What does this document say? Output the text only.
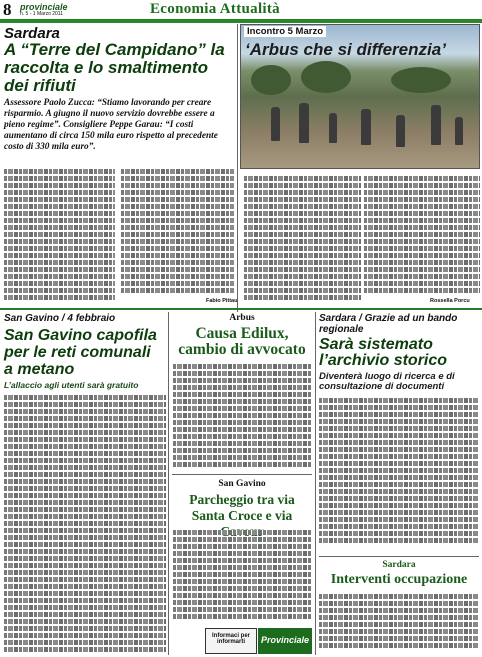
8 provinciale
n. 5 - 1 Marzo 2011	Economia Attualità
Sardara
A “Terre del Campidano” la raccolta e lo smaltimento dei rifiuti
Assessore Paolo Zucca: “Stiamo lavorando per creare risparmio. A giugno il nuovo servizio dovrebbe essere a pieno regime”. Consigliere Peppe Garau: “I costi aumentano di circa 150 mila euro rispetto al precedente costo di 330 mila euro”.
Fabio Pittau
Incontro 5 Marzo
‘Arbus che si differenzia’
Rossella Porcu
San Gavino / 4 febbraio
San Gavino capofila per le reti comunali a metano
L’allaccio agli utenti sarà gratuito
Arbus
Causa Edilux, cambio di avvocato
San Gavino
Parcheggio tra via Santa Croce e via
Informaci per informarti	Provinciale
Sardara / Grazie ad un bando regionale
Sarà sistemato l’archivio storico
Diventerà luogo di ricerca e di consultazione di documenti
Sardara
Interventi occupazione
